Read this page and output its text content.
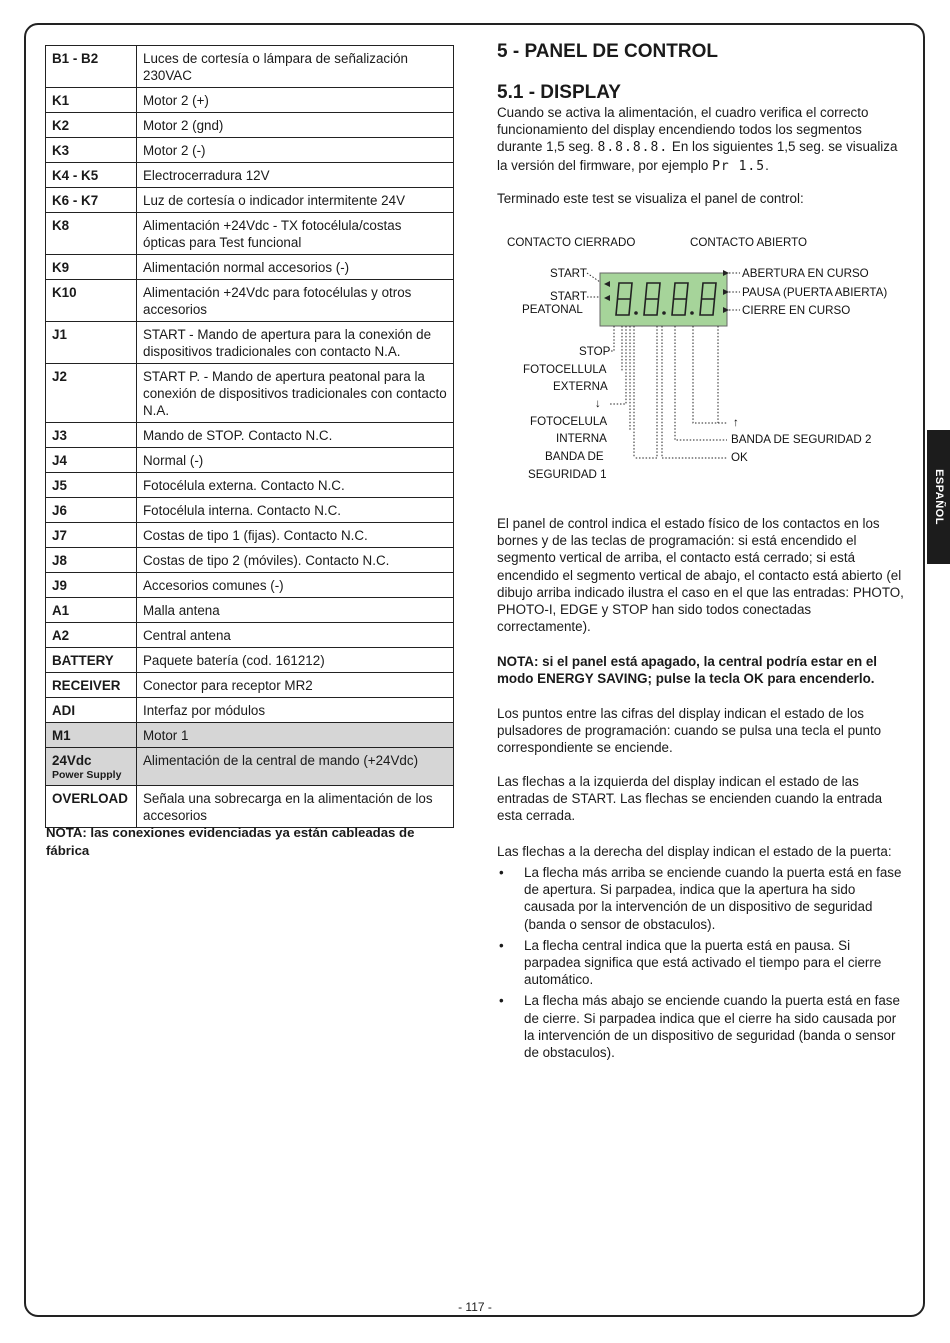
ESPAÑOL
B1 - B2	Luces de cortesía o lámpara de señalización 230VAC
K1	Motor 2 (+)
K2	Motor 2 (gnd)
K3	Motor 2 (-)
K4 - K5	Electrocerradura 12V
K6 - K7	Luz de cortesía o indicador intermitente 24V
K8	Alimentación +24Vdc - TX fotocélula/costas ópticas para Test funcional
K9	Alimentación normal accesorios (-)
K10	Alimentación +24Vdc para fotocélulas y otros accesorios
J1	START - Mando de apertura para la conexión de dispositivos tradicionales con contacto N.A.
J2	START P. - Mando de apertura peatonal para la conexión de dispositivos tradicionales con contacto N.A.
J3	Mando de STOP. Contacto N.C.
J4	Normal (-)
J5	Fotocélula externa. Contacto N.C.
J6	Fotocélula interna. Contacto N.C.
J7	Costas de tipo 1 (fijas). Contacto N.C.
J8	Costas de tipo 2 (móviles). Contacto N.C.
J9	Accesorios comunes (-)
A1	Malla antena
A2	Central antena
BATTERY	Paquete batería (cod. 161212)
RECEIVER	Conector para receptor MR2
ADI	Interfaz por módulos
M1	Motor 1
24Vdc
Power Supply	Alimentación de la central de mando (+24Vdc)
OVERLOAD	Señala una sobrecarga en la alimentación de los accesorios
NOTA: las conexiones evidenciadas ya están cableadas de fábrica
5 - PANEL DE CONTROL
5.1 - DISPLAY
Cuando se activa la alimentación, el cuadro verifica el correcto funcionamiento del display encendiendo todos los segmentos durante 1,5 seg. 8.8.8.8. En los siguientes 1,5 seg. se visualiza la versión del firmware, por ejemplo Pr 1.5.
Terminado este test se visualiza el panel de control:
CONTACTO CIERRADO	CONTACTO ABIERTO
START
START
PEATONAL
STOP
FOTOCELLULA
EXTERNA
↓
FOTOCELULA
INTERNA
BANDA DE
SEGURIDAD 1
ABERTURA EN CURSO
PAUSA (PUERTA ABIERTA)
CIERRE EN CURSO
↑
BANDA DE SEGURIDAD 2
OK
El panel de control indica el estado físico de los contactos en los bornes y de las teclas de programación: si está encendido el segmento vertical de arriba, el contacto está cerrado; si está encendido el segmento vertical de abajo, el contacto está abierto (el dibujo arriba indicado ilustra el caso en el que las entradas: PHOTO, PHOTO-I, EDGE y STOP han sido todos conectadas correctamente).
NOTA: si el panel está apagado, la central podría estar en el modo ENERGY SAVING; pulse la tecla OK para encenderlo.
Los puntos entre las cifras del display indican el estado de los pulsadores de programación: cuando se pulsa una tecla el punto correspondiente se enciende.
Las flechas a la izquierda del display indican el estado de las entradas de START. Las flechas se encienden cuando la entrada esta cerrada.
Las flechas a la derecha del display indican el estado de la puerta:
• La flecha más arriba se enciende cuando la puerta está en fase de apertura. Si parpadea, indica que la apertura ha sido causada por la intervención de un dispositivo de seguridad (banda o sensor de obstaculos).
• La flecha central indica que la puerta está en pausa. Si parpadea significa que está activado el tiempo para el cierre automático.
• La flecha más abajo se enciende cuando la puerta está en fase de cierre. Si parpadea indica que el cierre ha sido causada por la intervención de un dispositivo de seguridad (banda o sensor de obstaculos).
- 117 -
